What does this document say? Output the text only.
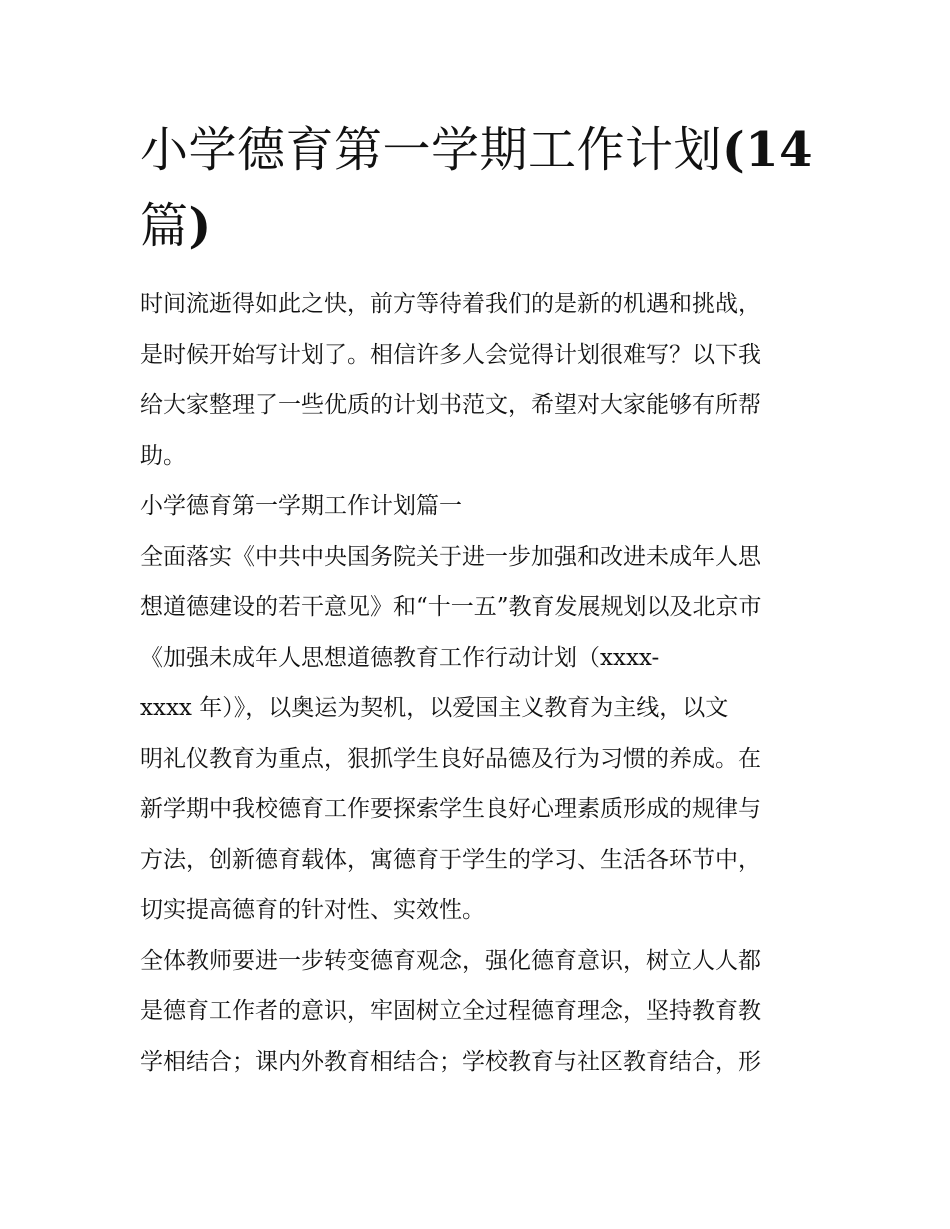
小学德育第一学期工作计划(14
篇)
时间流逝得如此之快，前方等待着我们的是新的机遇和挑战，
是时候开始写计划了。相信许多人会觉得计划很难写？以下我
给大家整理了一些优质的计划书范文，希望对大家能够有所帮
助。
小学德育第一学期工作计划篇一
全面落实《中共中央国务院关于进一步加强和改进未成年人思
想道德建设的若干意见》和“十一五”教育发展规划以及北京市
《加强未成年人思想道德教育工作行动计划（xxxx-
xxxx 年）》，以奥运为契机，以爱国主义教育为主线，以文
明礼仪教育为重点，狠抓学生良好品德及行为习惯的养成。在
新学期中我校德育工作要探索学生良好心理素质形成的规律与
方法，创新德育载体，寓德育于学生的学习、生活各环节中，
切实提高德育的针对性、实效性。
全体教师要进一步转变德育观念，强化德育意识，树立人人都
是德育工作者的意识，牢固树立全过程德育理念，坚持教育教
学相结合；课内外教育相结合；学校教育与社区教育结合，形
